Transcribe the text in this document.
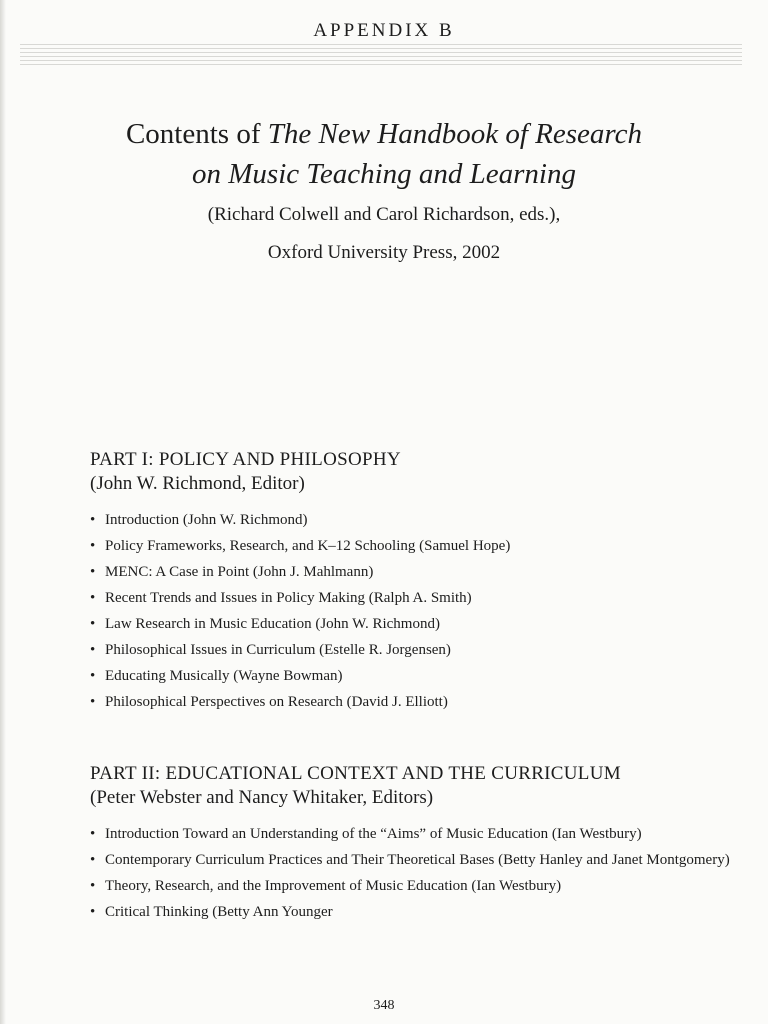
APPENDIX B
Contents of The New Handbook of Research
on Music Teaching and Learning
(Richard Colwell and Carol Richardson, eds.),
Oxford University Press, 2002
PART I: POLICY AND PHILOSOPHY
(John W. Richmond, Editor)
• Introduction (John W. Richmond)
• Policy Frameworks, Research, and K–12 Schooling (Samuel Hope)
• MENC: A Case in Point (John J. Mahlmann)
• Recent Trends and Issues in Policy Making (Ralph A. Smith)
• Law Research in Music Education (John W. Richmond)
• Philosophical Issues in Curriculum (Estelle R. Jorgensen)
• Educating Musically (Wayne Bowman)
• Philosophical Perspectives on Research (David J. Elliott)
PART II: EDUCATIONAL CONTEXT AND THE CURRICULUM
(Peter Webster and Nancy Whitaker, Editors)
• Introduction Toward an Understanding of the “Aims” of Music Education (Ian Westbury)
• Contemporary Curriculum Practices and Their Theoretical Bases (Betty Hanley and Janet Montgomery)
• Theory, Research, and the Improvement of Music Education (Ian Westbury)
• Critical Thinking (Betty Ann Younger
348
